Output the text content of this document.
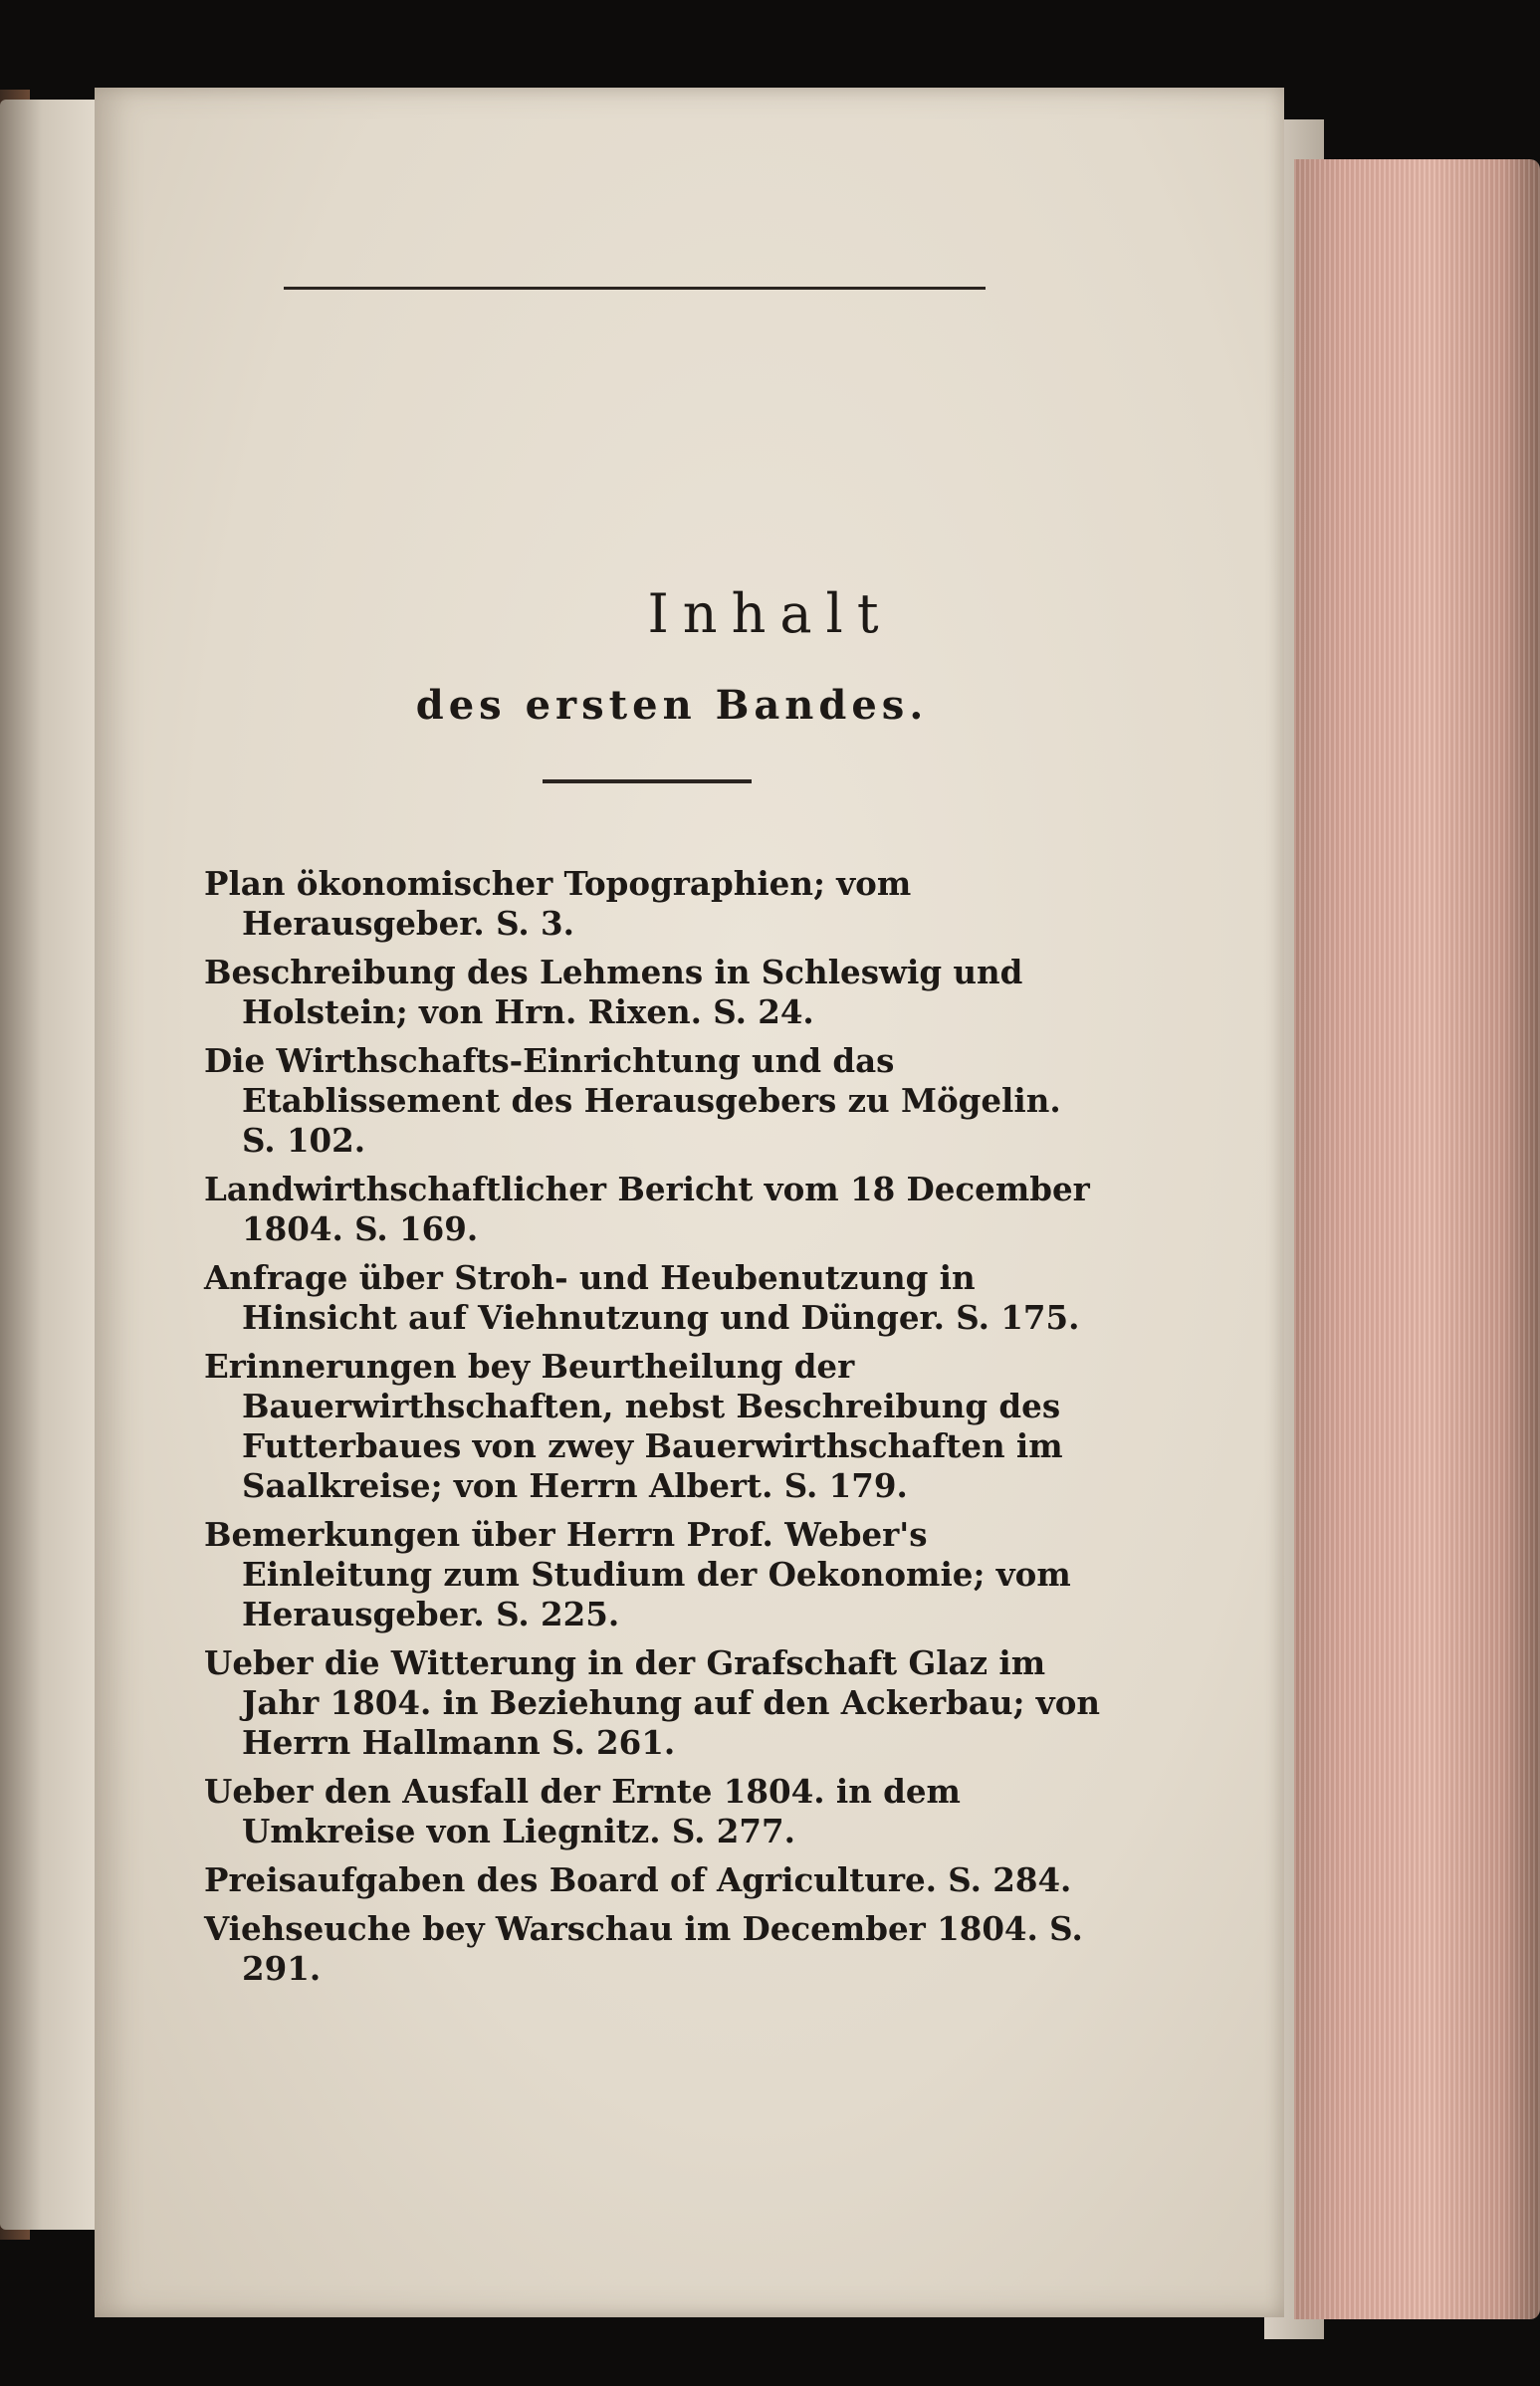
Inhalt
des ersten Bandes.
Plan ökonomischer Topographien; vom Herausgeber. S. 3.
Beschreibung des Lehmens in Schleswig und Holstein; von Hrn. Rixen. S. 24.
Die Wirthschafts-Einrichtung und das Etablissement des Herausgebers zu Mögelin. S. 102.
Landwirthschaftlicher Bericht vom 18 December 1804. S. 169.
Anfrage über Stroh- und Heubenutzung in Hinsicht auf Viehnutzung und Dünger. S. 175.
Erinnerungen bey Beurtheilung der Bauerwirthschaften, nebst Beschreibung des Futterbaues von zwey Bauerwirthschaften im Saalkreise; von Herrn Albert. S. 179.
Bemerkungen über Herrn Prof. Weber's Einleitung zum Studium der Oekonomie; vom Herausgeber. S. 225.
Ueber die Witterung in der Grafschaft Glaz im Jahr 1804. in Beziehung auf den Ackerbau; von Herrn Hallmann S. 261.
Ueber den Ausfall der Ernte 1804. in dem Umkreise von Liegnitz. S. 277.
Preisaufgaben des Board of Agriculture. S. 284.
Viehseuche bey Warschau im December 1804. S. 291.
